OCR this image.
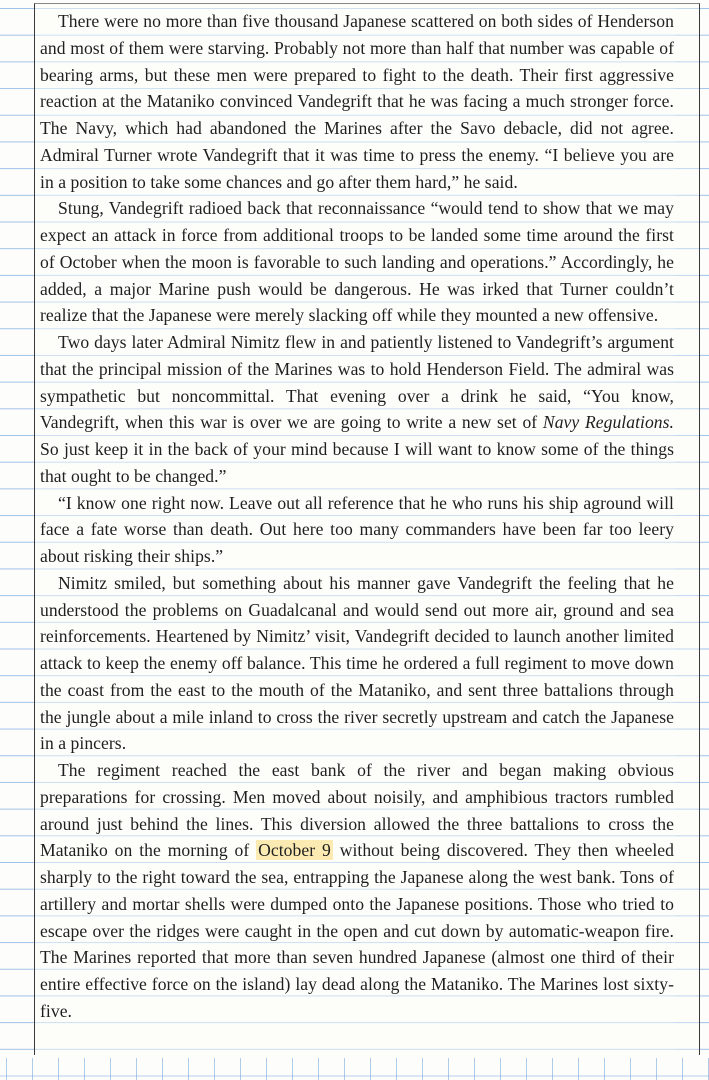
There were no more than five thousand Japanese scattered on both sides of Henderson and most of them were starving. Probably not more than half that number was capable of bearing arms, but these men were prepared to fight to the death. Their first aggressive reaction at the Mataniko convinced Vandegrift that he was facing a much stronger force. The Navy, which had abandoned the Marines after the Savo debacle, did not agree. Admiral Turner wrote Vandegrift that it was time to press the enemy. “I believe you are in a position to take some chances and go after them hard,” he said.

Stung, Vandegrift radioed back that reconnaissance “would tend to show that we may expect an attack in force from additional troops to be landed some time around the first of October when the moon is favorable to such landing and operations.” Accordingly, he added, a major Marine push would be dangerous. He was irked that Turner couldn’t realize that the Japanese were merely slacking off while they mounted a new offensive.

Two days later Admiral Nimitz flew in and patiently listened to Vandegrift’s argument that the principal mission of the Marines was to hold Henderson Field. The admiral was sympathetic but noncommittal. That evening over a drink he said, “You know, Vandegrift, when this war is over we are going to write a new set of Navy Regulations. So just keep it in the back of your mind because I will want to know some of the things that ought to be changed.”

“I know one right now. Leave out all reference that he who runs his ship aground will face a fate worse than death. Out here too many commanders have been far too leery about risking their ships.”

Nimitz smiled, but something about his manner gave Vandegrift the feeling that he understood the problems on Guadalcanal and would send out more air, ground and sea reinforcements. Heartened by Nimitz’ visit, Vandegrift decided to launch another limited attack to keep the enemy off balance. This time he ordered a full regiment to move down the coast from the east to the mouth of the Mataniko, and sent three battalions through the jungle about a mile inland to cross the river secretly upstream and catch the Japanese in a pincers.

The regiment reached the east bank of the river and began making obvious preparations for crossing. Men moved about noisily, and amphibious tractors rumbled around just behind the lines. This diversion allowed the three battalions to cross the Mataniko on the morning of October 9 without being discovered. They then wheeled sharply to the right toward the sea, entrapping the Japanese along the west bank. Tons of artillery and mortar shells were dumped onto the Japanese positions. Those who tried to escape over the ridges were caught in the open and cut down by automatic-weapon fire. The Marines reported that more than seven hundred Japanese (almost one third of their entire effective force on the island) lay dead along the Mataniko. The Marines lost sixty-five.
